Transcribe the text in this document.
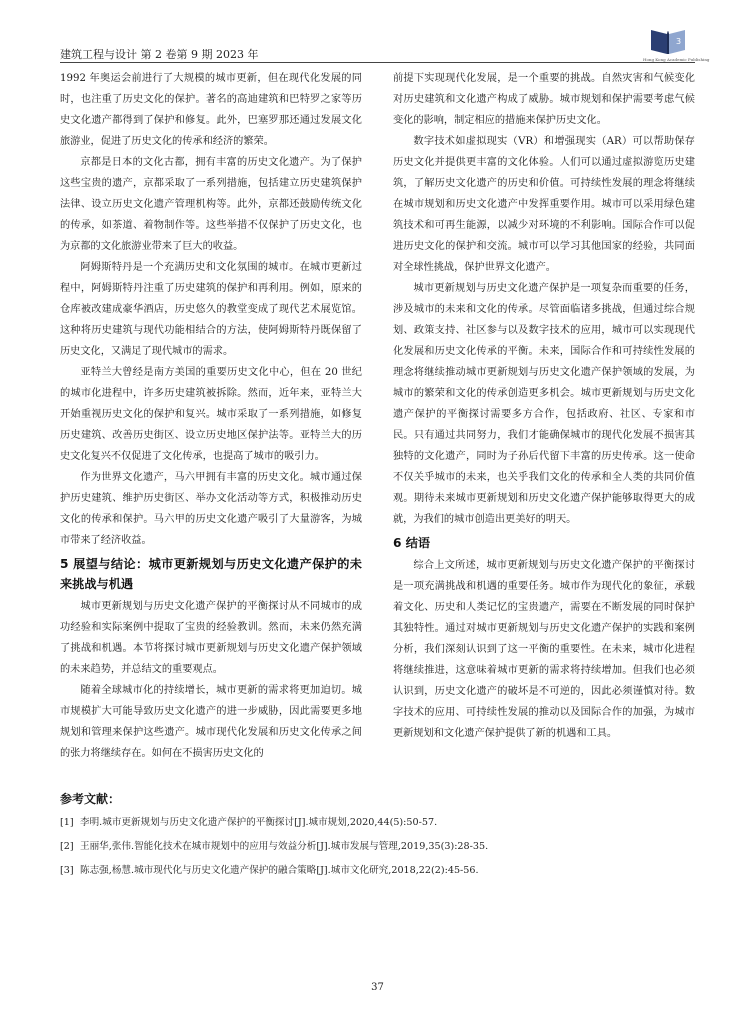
建筑工程与设计 第 2 卷第 9 期 2023 年
3
Hong Kong Academic Publishing

1992 年奥运会前进行了大规模的城市更新，但在现代化发展的同时，也注重了历史文化的保护。著名的高迪建筑和巴特罗之家等历史文化遗产都得到了保护和修复。此外，巴塞罗那还通过发展文化旅游业，促进了历史文化的传承和经济的繁荣。

京都是日本的文化古都，拥有丰富的历史文化遗产。为了保护这些宝贵的遗产，京都采取了一系列措施，包括建立历史建筑保护法律、设立历史文化遗产管理机构等。此外，京都还鼓励传统文化的传承，如茶道、着物制作等。这些举措不仅保护了历史文化，也为京都的文化旅游业带来了巨大的收益。

阿姆斯特丹是一个充满历史和文化氛围的城市。在城市更新过程中，阿姆斯特丹注重了历史建筑的保护和再利用。例如，原来的仓库被改建成豪华酒店，历史悠久的教堂变成了现代艺术展览馆。这种将历史建筑与现代功能相结合的方法，使阿姆斯特丹既保留了历史文化，又满足了现代城市的需求。

亚特兰大曾经是南方美国的重要历史文化中心，但在 20 世纪的城市化进程中，许多历史建筑被拆除。然而，近年来，亚特兰大开始重视历史文化的保护和复兴。城市采取了一系列措施，如修复历史建筑、改善历史街区、设立历史地区保护法等。亚特兰大的历史文化复兴不仅促进了文化传承，也提高了城市的吸引力。

作为世界文化遗产，马六甲拥有丰富的历史文化。城市通过保护历史建筑、维护历史街区、举办文化活动等方式，积极推动历史文化的传承和保护。马六甲的历史文化遗产吸引了大量游客，为城市带来了经济收益。

5 展望与结论：城市更新规划与历史文化遗产保护的未来挑战与机遇

城市更新规划与历史文化遗产保护的平衡探讨从不同城市的成功经验和实际案例中提取了宝贵的经验教训。然而，未来仍然充满了挑战和机遇。本节将探讨城市更新规划与历史文化遗产保护领域的未来趋势，并总结文的重要观点。

随着全球城市化的持续增长，城市更新的需求将更加迫切。城市规模扩大可能导致历史文化遗产的进一步威胁，因此需要更多地规划和管理来保护这些遗产。城市现代化发展和历史文化传承之间的张力将继续存在。如何在不损害历史文化的

前提下实现现代化发展，是一个重要的挑战。自然灾害和气候变化对历史建筑和文化遗产构成了威胁。城市规划和保护需要考虑气候变化的影响，制定相应的措施来保护历史文化。

数字技术如虚拟现实（VR）和增强现实（AR）可以帮助保存历史文化并提供更丰富的文化体验。人们可以通过虚拟游览历史建筑，了解历史文化遗产的历史和价值。可持续性发展的理念将继续在城市规划和历史文化遗产中发挥重要作用。城市可以采用绿色建筑技术和可再生能源，以减少对环境的不利影响。国际合作可以促进历史文化的保护和交流。城市可以学习其他国家的经验，共同面对全球性挑战，保护世界文化遗产。

城市更新规划与历史文化遗产保护是一项复杂而重要的任务，涉及城市的未来和文化的传承。尽管面临诸多挑战，但通过综合规划、政策支持、社区参与以及数字技术的应用，城市可以实现现代化发展和历史文化传承的平衡。未来，国际合作和可持续性发展的理念将继续推动城市更新规划与历史文化遗产保护领域的发展，为城市的繁荣和文化的传承创造更多机会。城市更新规划与历史文化遗产保护的平衡探讨需要多方合作，包括政府、社区、专家和市民。只有通过共同努力，我们才能确保城市的现代化发展不损害其独特的文化遗产，同时为子孙后代留下丰富的历史传承。这一使命不仅关乎城市的未来，也关乎我们文化的传承和全人类的共同价值观。期待未来城市更新规划和历史文化遗产保护能够取得更大的成就，为我们的城市创造出更美好的明天。

6 结语

综合上文所述，城市更新规划与历史文化遗产保护的平衡探讨是一项充满挑战和机遇的重要任务。城市作为现代化的象征，承载着文化、历史和人类记忆的宝贵遗产，需要在不断发展的同时保护其独特性。通过对城市更新规划与历史文化遗产保护的实践和案例分析，我们深刻认识到了这一平衡的重要性。在未来，城市化进程将继续推进，这意味着城市更新的需求将持续增加。但我们也必须认识到，历史文化遗产的破坏是不可逆的，因此必须谨慎对待。数字技术的应用、可持续性发展的推动以及国际合作的加强，为城市更新规划和文化遗产保护提供了新的机遇和工具。

参考文献：
[1] 李明.城市更新规划与历史文化遗产保护的平衡探讨[J].城市规划,2020,44(5):50-57.
[2] 王丽华,张伟.智能化技术在城市规划中的应用与效益分析[J].城市发展与管理,2019,35(3):28-35.
[3] 陈志强,杨慧.城市现代化与历史文化遗产保护的融合策略[J].城市文化研究,2018,22(2):45-56.
37
